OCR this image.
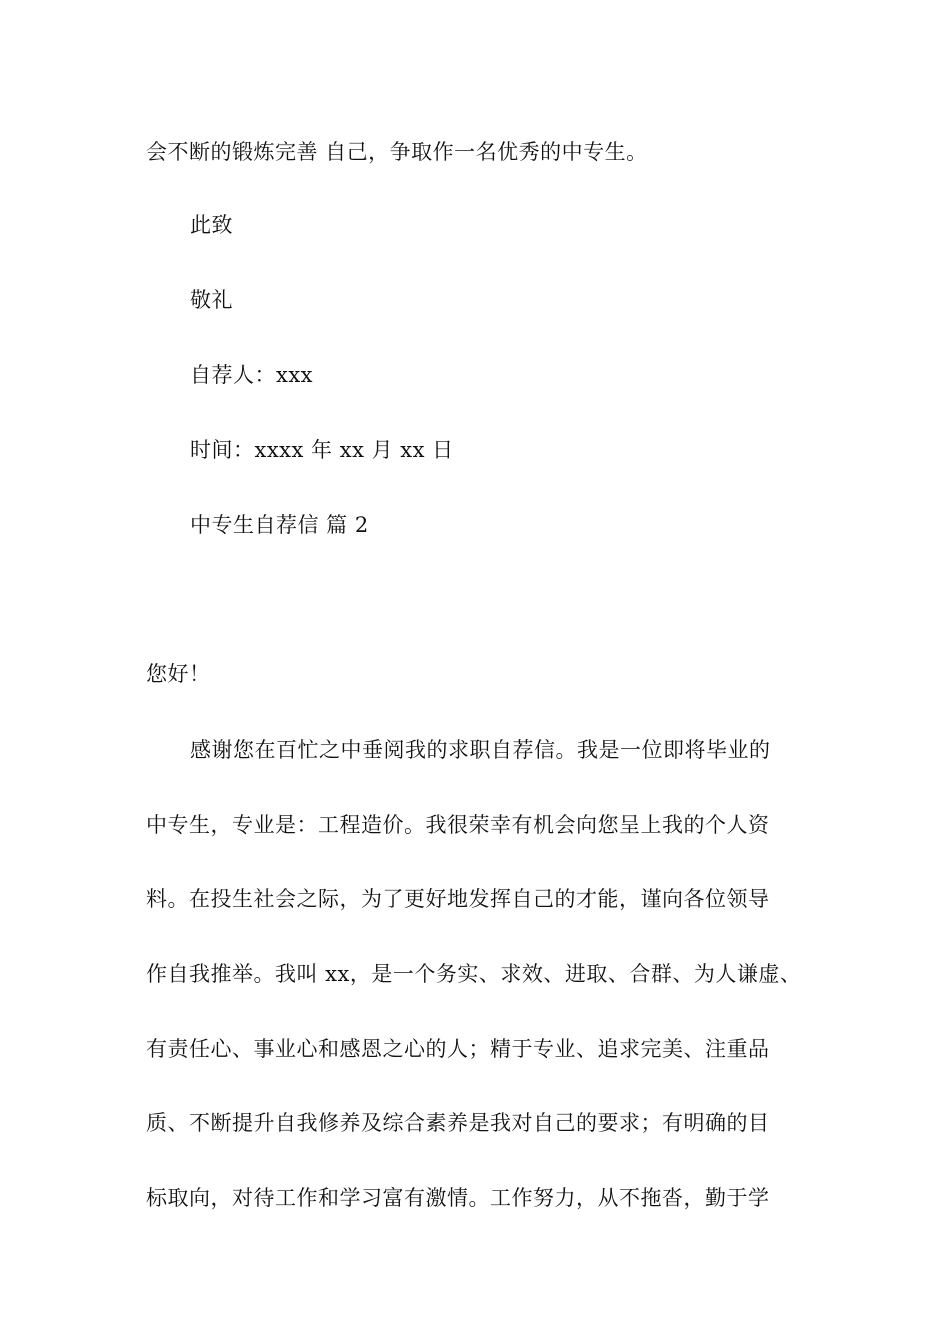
会不断的锻炼完善 自己，争取作一名优秀的中专生。
此致
敬礼
自荐人：xxx
时间：xxxx 年 xx 月 xx 日
中专生自荐信 篇 2
您好！
感谢您在百忙之中垂阅我的求职自荐信。我是一位即将毕业的
中专生，专业是：工程造价。我很荣幸有机会向您呈上我的个人资
料。在投生社会之际，为了更好地发挥自己的才能，谨向各位领导
作自我推举。我叫 xx，是一个务实、求效、进取、合群、为人谦虚、
有责任心、事业心和感恩之心的人；精于专业、追求完美、注重品
质、不断提升自我修养及综合素养是我对自己的要求；有明确的目
标取向，对待工作和学习富有激情。工作努力，从不拖沓，勤于学
